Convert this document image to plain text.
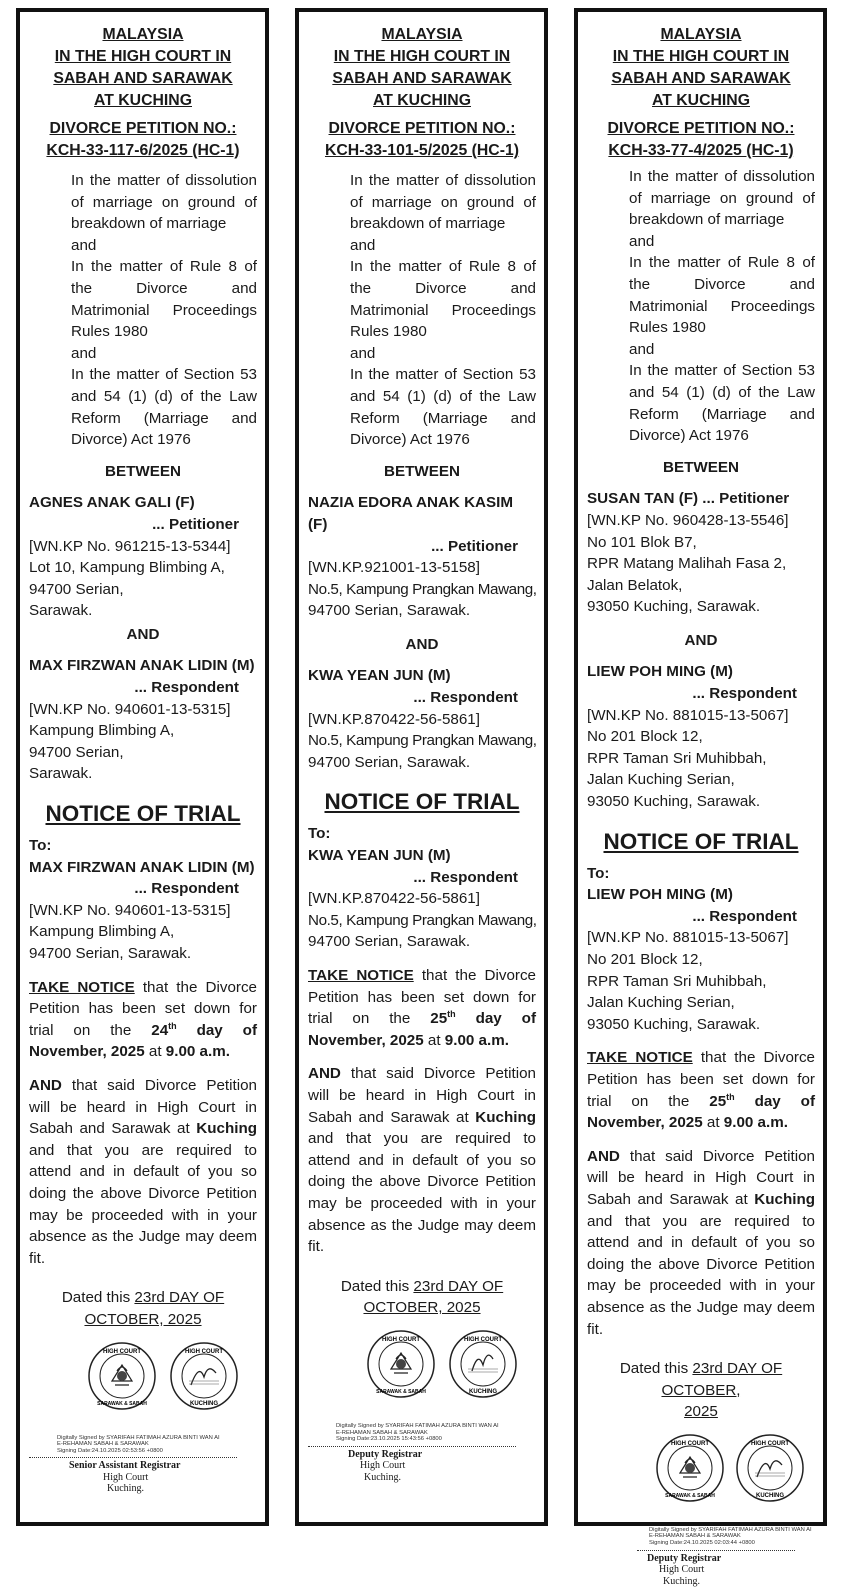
MALAYSIA
IN THE HIGH COURT IN
SABAH AND SARAWAK
AT KUCHING
DIVORCE PETITION NO.:
KCH-33-117-6/2025 (HC-1)

In the matter of dissolution of marriage on ground of breakdown of marriage

and

In the matter of Rule 8 of the Divorce and Matrimonial Proceedings Rules 1980

and

In the matter of Section 53 and 54 (1) (d) of the Law Reform (Marriage and Divorce) Act 1976

BETWEEN
AGNES ANAK GALI (F)
... Petitioner
[WN.KP No. 961215-13-5344]
Lot 10, Kampung Blimbing A,
94700 Serian,
Sarawak.
AND
MAX FIRZWAN ANAK LIDIN (M)
... Respondent
[WN.KP No. 940601-13-5315]
Kampung Blimbing A,
94700 Serian,
Sarawak.
NOTICE OF TRIAL
To:
MAX FIRZWAN ANAK LIDIN (M)
... Respondent
[WN.KP No. 940601-13-5315]
Kampung Blimbing A,
94700 Serian, Sarawak.

TAKE NOTICE that the Divorce Petition has been set down for trial on the 24th day of November, 2025 at 9.00 a.m.

AND that said Divorce Petition will be heard in High Court in Sabah and Sarawak at Kuching and that you are required to attend and in default of you so doing the above Divorce Petition may be proceeded with in your absence as the Judge may deem fit.

Dated this 23rd DAY OF
OCTOBER, 2025
HIGH COURT
SARAWAK & SABAH
HIGH COURT
KUCHING
Digitally Signed by SYARIFAH FATIMAH AZURA BINTI WAN AI
E-REHAMAN SABAH & SARAWAK
Signing Date:24.10.2025 02:53:56 +0800
Senior Assistant Registrar
High Court
Kuching.
MALAYSIA
IN THE HIGH COURT IN
SABAH AND SARAWAK
AT KUCHING
DIVORCE PETITION NO.:
KCH-33-101-5/2025 (HC-1)

In the matter of dissolution of marriage on ground of breakdown of marriage

and

In the matter of Rule 8 of the Divorce and Matrimonial Proceedings Rules 1980

and

In the matter of Section 53 and 54 (1) (d) of the Law Reform (Marriage and Divorce) Act 1976

BETWEEN
NAZIA EDORA ANAK KASIM (F)
... Petitioner
[WN.KP.921001-13-5158]
No.5, Kampung Prangkan Mawang,
94700 Serian, Sarawak.
AND
KWA YEAN JUN (M)
... Respondent
[WN.KP.870422-56-5861]
No.5, Kampung Prangkan Mawang,
94700 Serian, Sarawak.
NOTICE OF TRIAL
To:
KWA YEAN JUN (M)
... Respondent
[WN.KP.870422-56-5861]
No.5, Kampung Prangkan Mawang,
94700 Serian, Sarawak.

TAKE NOTICE that the Divorce Petition has been set down for trial on the 25th day of November, 2025 at 9.00 a.m.

AND that said Divorce Petition will be heard in High Court in Sabah and Sarawak at Kuching and that you are required to attend and in default of you so doing the above Divorce Petition may be proceeded with in your absence as the Judge may deem fit.

Dated this 23rd DAY OF
OCTOBER, 2025
HIGH COURT
SARAWAK & SABAH
HIGH COURT
KUCHING
Digitally Signed by SYARIFAH FATIMAH AZURA BINTI WAN AI
E-REHAMAN SABAH & SARAWAK
Signing Date:23.10.2025 15:43:56 +0800
Deputy Registrar
High Court
Kuching.
MALAYSIA
IN THE HIGH COURT IN
SABAH AND SARAWAK
AT KUCHING
DIVORCE PETITION NO.:
KCH-33-77-4/2025 (HC-1)

In the matter of dissolution of marriage on ground of breakdown of marriage

and

In the matter of Rule 8 of the Divorce and Matrimonial Proceedings Rules 1980

and

In the matter of Section 53 and 54 (1) (d) of the Law Reform (Marriage and Divorce) Act 1976

BETWEEN
SUSAN TAN (F) ... Petitioner
[WN.KP No. 960428-13-5546]
No 101 Blok B7,
RPR Matang Malihah Fasa 2,
Jalan Belatok,
93050 Kuching, Sarawak.
AND
LIEW POH MING (M)
... Respondent
[WN.KP No. 881015-13-5067]
No 201 Block 12,
RPR Taman Sri Muhibbah,
Jalan Kuching Serian,
93050 Kuching, Sarawak.
NOTICE OF TRIAL
To:
LIEW POH MING (M)
... Respondent
[WN.KP No. 881015-13-5067]
No 201 Block 12,
RPR Taman Sri Muhibbah,
Jalan Kuching Serian,
93050 Kuching, Sarawak.

TAKE NOTICE that the Divorce Petition has been set down for trial on the 25th day of November, 2025 at 9.00 a.m.

AND that said Divorce Petition will be heard in High Court in Sabah and Sarawak at Kuching and that you are required to attend and in default of you so doing the above Divorce Petition may be proceeded with in your absence as the Judge may deem fit.

Dated this 23rd DAY OF OCTOBER,
2025
HIGH COURT
SARAWAK & SABAH
HIGH COURT
KUCHING
Digitally Signed by SYARIFAH FATIMAH AZURA BINTI WAN AI
E-REHAMAN SABAH & SARAWAK
Signing Date:24.10.2025 02:03:44 +0800
Deputy Registrar
High Court
Kuching.
